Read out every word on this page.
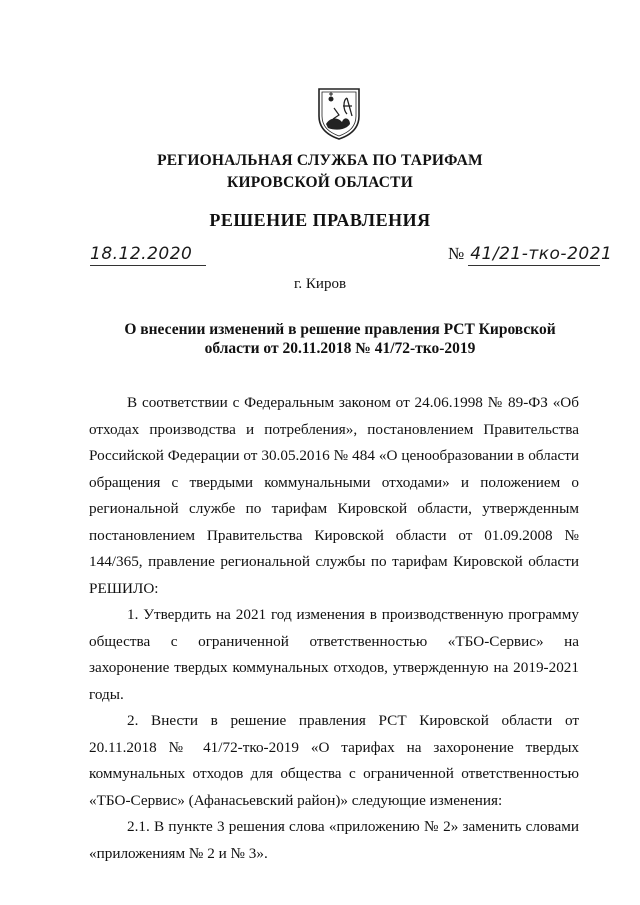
РЕГИОНАЛЬНАЯ СЛУЖБА ПО ТАРИФАМ
КИРОВСКОЙ ОБЛАСТИ
РЕШЕНИЕ ПРАВЛЕНИЯ
18.12.2020	№ 41/21-тко-2021
г. Киров
О внесении изменений в решение правления РСТ Кировской
области от 20.11.2018 № 41/72-тко-2019

В соответствии с Федеральным законом от 24.06.1998 № 89-ФЗ «Об отходах производства и потребления», постановлением Правительства Российской Федерации от 30.05.2016 № 484 «О ценообразовании в области обращения с твердыми коммунальными отходами» и положением о региональной службе по тарифам Кировской области, утвержденным постановлением Правительства Кировской области от 01.09.2008 № 144/365, правление региональной службы по тарифам Кировской области РЕШИЛО:

1. Утвердить на 2021 год изменения в производственную программу общества с ограниченной ответственностью «ТБО-Сервис» на захоронение твердых коммунальных отходов, утвержденную на 2019-2021 годы.

2. Внести в решение правления РСТ Кировской области от 20.11.2018 № 41/72-тко-2019 «О тарифах на захоронение твердых коммунальных отходов для общества с ограниченной ответственностью «ТБО-Сервис» (Афанасьевский район)» следующие изменения:

2.1. В пункте 3 решения слова «приложению № 2» заменить словами «приложениям № 2 и № 3».
